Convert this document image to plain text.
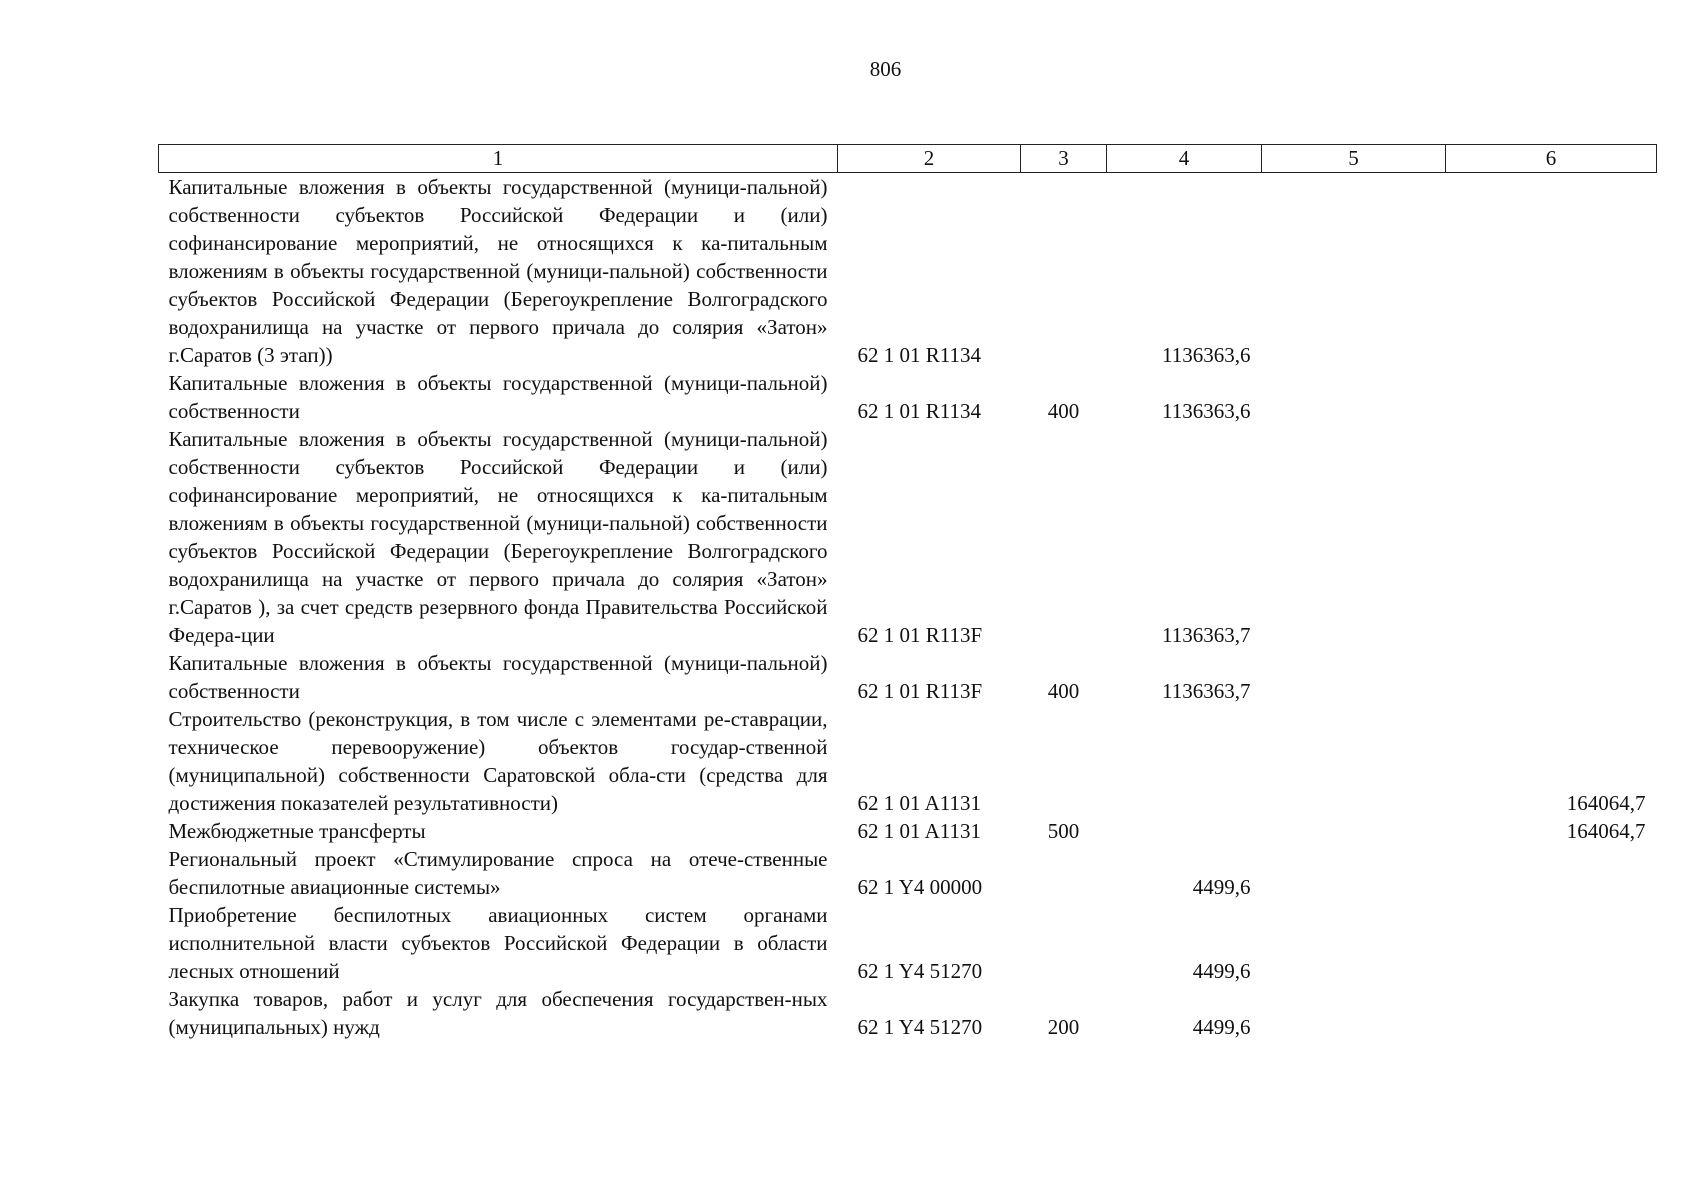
806
1	2	3	4	5	6
Капитальные вложения в объекты государственной (муници-пальной) собственности субъектов Российской Федерации и (или) софинансирование мероприятий, не относящихся к ка-питальным вложениям в объекты государственной (муници-пальной) собственности субъектов Российской Федерации (Берегоукрепление Волгоградского водохранилища на участке от первого причала до солярия «Затон» г.Саратов (3 этап))	62 1 01 R1134		1136363,6		
Капитальные вложения в объекты государственной (муници-пальной) собственности	62 1 01 R1134	400	1136363,6		
Капитальные вложения в объекты государственной (муници-пальной) собственности субъектов Российской Федерации и (или) софинансирование мероприятий, не относящихся к ка-питальным вложениям в объекты государственной (муници-пальной) собственности субъектов Российской Федерации (Берегоукрепление Волгоградского водохранилища на участке от первого причала до солярия «Затон» г.Саратов ), за счет средств резервного фонда Правительства Российской Федера-ции	62 1 01 R113F		1136363,7		
Капитальные вложения в объекты государственной (муници-пальной) собственности	62 1 01 R113F	400	1136363,7		
Строительство (реконструкция, в том числе с элементами ре-ставрации, техническое перевооружение) объектов государ-ственной (муниципальной) собственности Саратовской обла-сти (средства для достижения показателей результативности)	62 1 01 A1131				164064,7
Межбюджетные трансферты	62 1 01 A1131	500			164064,7
Региональный проект «Стимулирование спроса на отече-ственные беспилотные авиационные системы»	62 1 Y4 00000		4499,6		
Приобретение беспилотных авиационных систем органами исполнительной власти субъектов Российской Федерации в области лесных отношений	62 1 Y4 51270		4499,6		
Закупка товаров, работ и услуг для обеспечения государствен-ных (муниципальных) нужд	62 1 Y4 51270	200	4499,6		
